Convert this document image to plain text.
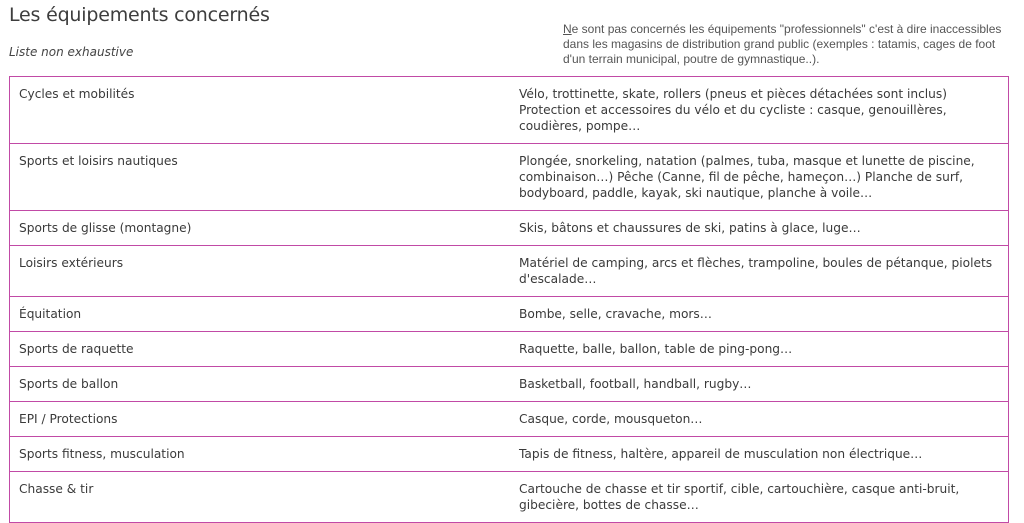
Les équipements concernés
Liste non exhaustive
Ne sont pas concernés les équipements "professionnels" c'est à dire inaccessibles dans les magasins de distribution grand public (exemples : tatamis, cages de foot d'un terrain municipal, poutre de gymnastique..).
Cycles et mobilités	Vélo, trottinette, skate, rollers (pneus et pièces détachées sont inclus) Protection et accessoires du vélo et du cycliste : casque, genouillères, coudières, pompe…
Sports et loisirs nautiques	Plongée, snorkeling, natation (palmes, tuba, masque et lunette de piscine, combinaison…) Pêche (Canne, fil de pêche, hameçon…) Planche de surf, bodyboard, paddle, kayak, ski nautique, planche à voile…
Sports de glisse (montagne)	Skis, bâtons et chaussures de ski, patins à glace, luge…
Loisirs extérieurs	Matériel de camping, arcs et flèches, trampoline, boules de pétanque, piolets d'escalade…
Équitation	Bombe, selle, cravache, mors…
Sports de raquette	Raquette, balle, ballon, table de ping-pong…
Sports de ballon	Basketball, football, handball, rugby…
EPI / Protections	Casque, corde, mousqueton…
Sports fitness, musculation	Tapis de fitness, haltère, appareil de musculation non électrique…
Chasse & tir	Cartouche de chasse et tir sportif, cible, cartouchière, casque anti-bruit, gibecière, bottes de chasse…
